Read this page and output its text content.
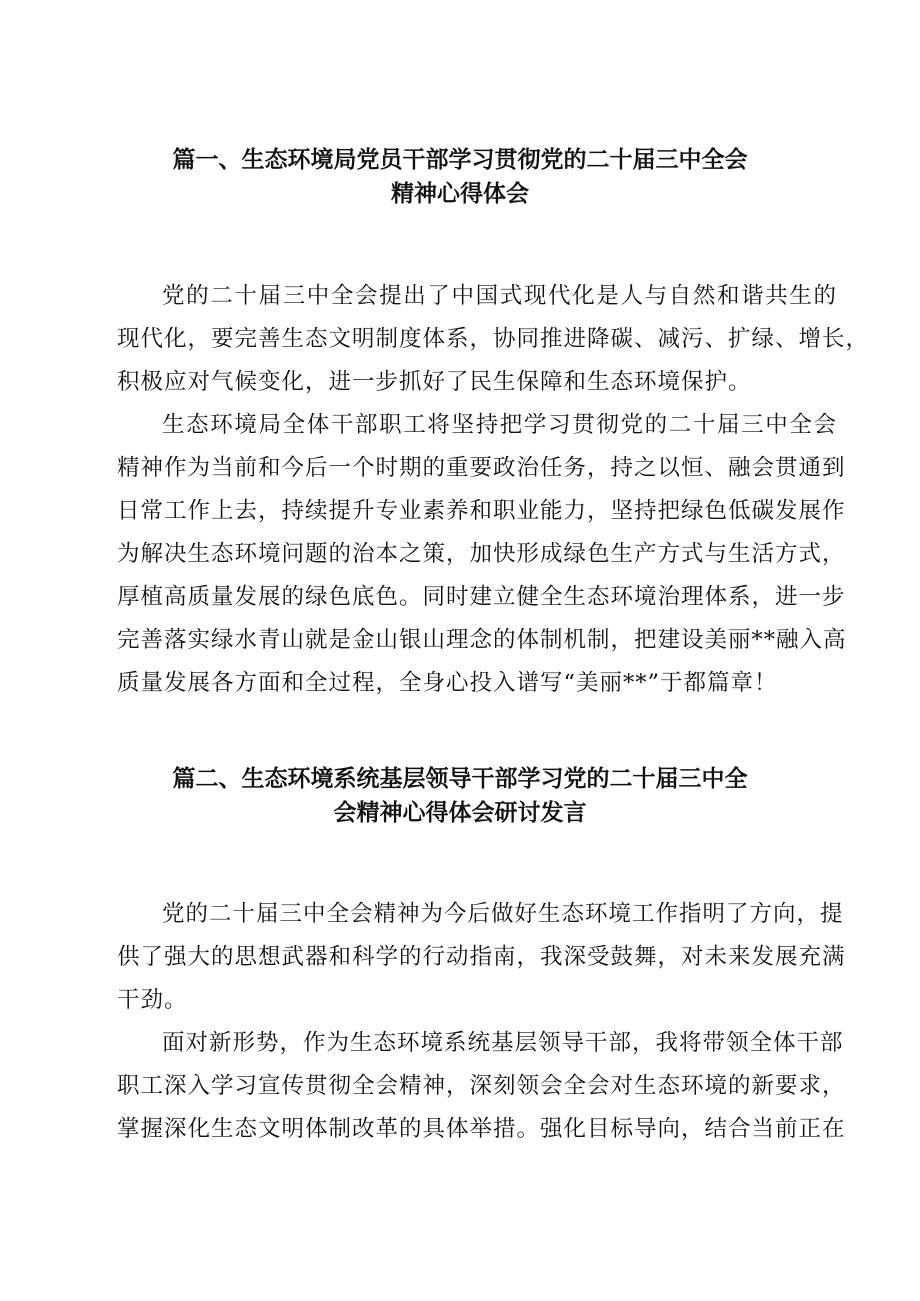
篇一、生态环境局党员干部学习贯彻党的二十届三中全会
精神心得体会

党的二十届三中全会提出了中国式现代化是人与自然和谐共生的

现代化，要完善生态文明制度体系，协同推进降碳、减污、扩绿、增长，

积极应对气候变化，进一步抓好了民生保障和生态环境保护。

生态环境局全体干部职工将坚持把学习贯彻党的二十届三中全会

精神作为当前和今后一个时期的重要政治任务，持之以恒、融会贯通到

日常工作上去，持续提升专业素养和职业能力，坚持把绿色低碳发展作

为解决生态环境问题的治本之策，加快形成绿色生产方式与生活方式，

厚植高质量发展的绿色底色。同时建立健全生态环境治理体系，进一步

完善落实绿水青山就是金山银山理念的体制机制，把建设美丽**融入高

质量发展各方面和全过程，全身心投入谱写“美丽**”于都篇章！

篇二、生态环境系统基层领导干部学习党的二十届三中全
会精神心得体会研讨发言

党的二十届三中全会精神为今后做好生态环境工作指明了方向，提

供了强大的思想武器和科学的行动指南，我深受鼓舞，对未来发展充满

干劲。

面对新形势，作为生态环境系统基层领导干部，我将带领全体干部

职工深入学习宣传贯彻全会精神，深刻领会全会对生态环境的新要求，

掌握深化生态文明体制改革的具体举措。强化目标导向，结合当前正在
